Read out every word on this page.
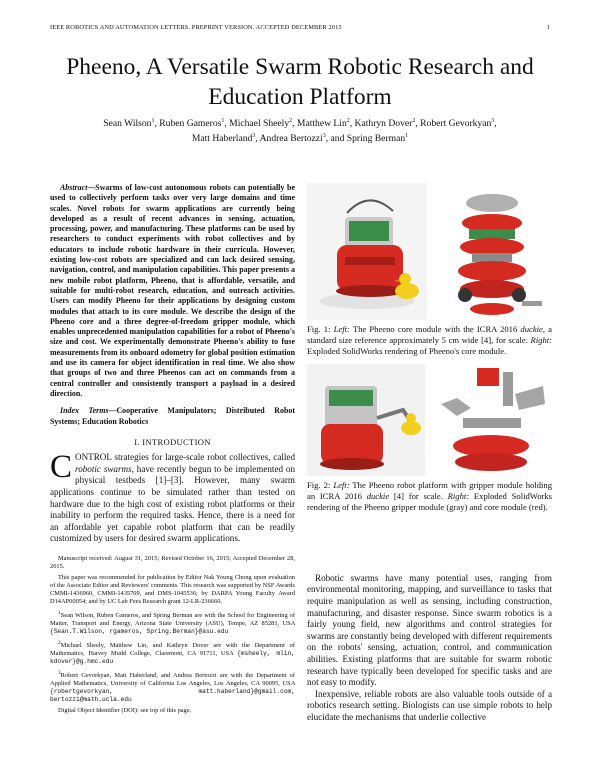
IEEE ROBOTICS AND AUTOMATION LETTERS. PREPRINT VERSION. ACCEPTED DECEMBER 2015	1
Pheeno, A Versatile Swarm Robotic Research and
Education Platform
Sean Wilson$^1$, Ruben Gameros$^1$, Michael Sheely$^2$, Matthew Lin$^2$, Kathryn Dover$^2$, Robert Gevorkyan$^3$,
Matt Haberland$^3$, Andrea Bertozzi$^3$, and Spring Berman$^1$

Abstract—Swarms of low-cost autonomous robots can potentially be used to collectively perform tasks over very large domains and time scales. Novel robots for swarm applications are currently being developed as a result of recent advances in sensing, actuation, processing, power, and manufacturing. These platforms can be used by researchers to conduct experiments with robot collectives and by educators to include robotic hardware in their curricula. However, existing low-cost robots are specialized and can lack desired sensing, navigation, control, and manipulation capabilities. This paper presents a new mobile robot platform, Pheeno, that is affordable, versatile, and suitable for multi-robot research, education, and outreach activities. Users can modify Pheeno for their applications by designing custom modules that attach to its core module. We describe the design of the Pheeno core and a three degree-of-freedom gripper module, which enables unprecedented manipulation capabilities for a robot of Pheeno's size and cost. We experimentally demonstrate Pheeno's ability to fuse measurements from its onboard odometry for global position estimation and use its camera for object identification in real time. We also show that groups of two and three Pheenos can act on commands from a central controller and consistently transport a payload in a desired direction.

Index Terms—Cooperative Manipulators; Distributed Robot Systems; Education Robotics

I. INTRODUCTION

CONTROL strategies for large-scale robot collectives, called robotic swarms, have recently begun to be implemented on physical testbeds [1]–[3]. However, many swarm applications continue to be simulated rather than tested on hardware due to the high cost of existing robot platforms or their inability to perform the required tasks. Hence, there is a need for an affordable yet capable robot platform that can be readily customized by users for desired swarm applications.

Manuscript received: August 31, 2015; Revised October 16, 2015; Accepted December 28, 2015.

This paper was recommended for publication by Editor Nak Young Chong upon evaluation of the Associate Editor and Reviewers' comments. This research was supported by NSF Awards CMMI-1436960, CMMI-1435709, and DMS-1045536; by DARPA Young Faculty Award D14AP00054; and by UC Lab Fees Research grant 12-LR-236660.

$^1$Sean Wilson, Ruben Gameros, and Spring Berman are with the School for Engineering of Matter, Transport and Energy, Arizona State University (ASU), Tempe, AZ 85281, USA {Sean.T.Wilson, rgameros, Spring.Berman}@asu.edu

$^2$Michael Sheely, Matthew Lin, and Kathryn Dover are with the Department of Mathematics, Harvey Mudd College, Claremont, CA 91711, USA {msheely, mlin, kdover}@g.hmc.edu

$^3$Robert Gevorkyan, Matt Haberland, and Andrea Bertozzi are with the Department of Applied Mathematics, University of California Los Angeles, Los Angeles, CA 90095, USA {robertgevorkyan, matt.haberland}@gmail.com, bertozzi@math.ucla.edu

Digital Object Identifier (DOI): see top of this page.

Fig. 1: Left: The Pheeno core module with the ICRA 2016 duckie, a standard size reference approximately 5 cm wide [4], for scale. Right: Exploded SolidWorks rendering of Pheeno's core module.

Fig. 2: Left: The Pheeno robot platform with gripper module holding an ICRA 2016 duckie [4] for scale. Right: Exploded SolidWorks rendering of the Pheeno gripper module (gray) and core module (red).

Robotic swarms have many potential uses, ranging from environmental monitoring, mapping, and surveillance to tasks that require manipulation as well as sensing, including construction, manufacturing, and disaster response. Since swarm robotics is a fairly young field, new algorithms and control strategies for swarms are constantly being developed with different requirements on the robots' sensing, actuation, control, and communication abilities. Existing platforms that are suitable for swarm robotic research have typically been developed for specific tasks and are not easy to modify.

Inexpensive, reliable robots are also valuable tools outside of a robotics research setting. Biologists can use simple robots to help elucidate the mechanisms that underlie collective
